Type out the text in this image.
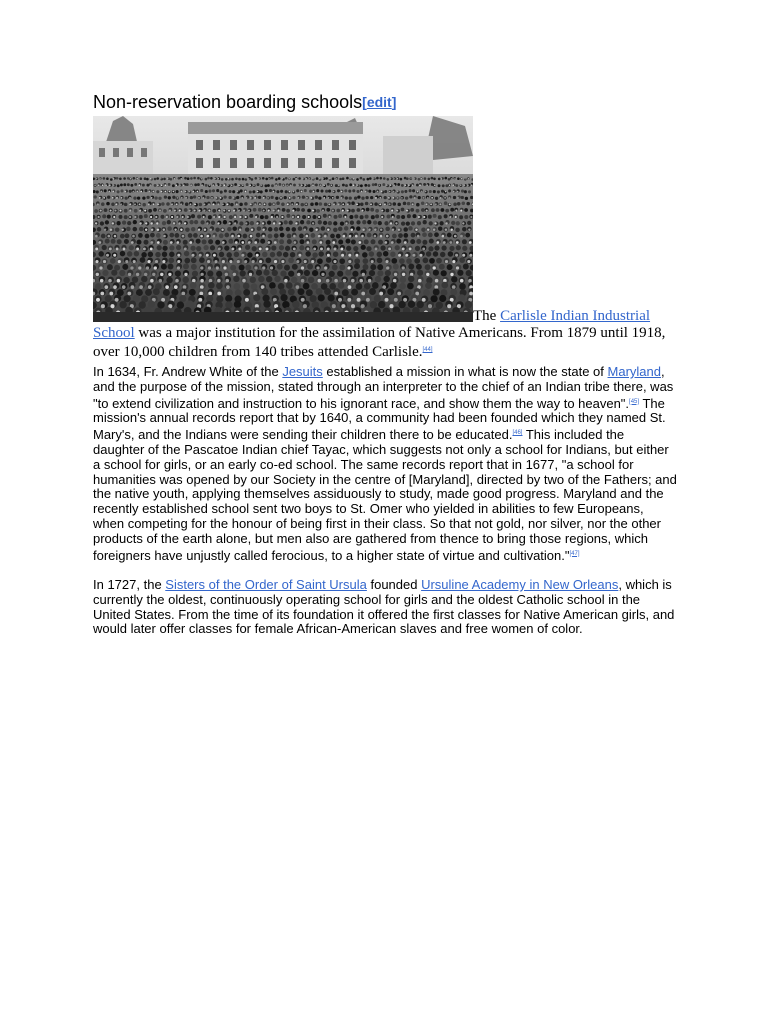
Non-reservation boarding schools[edit]
The Carlisle Indian Industrial School was a major institution for the assimilation of Native Americans. From 1879 until 1918, over 10,000 children from 140 tribes attended Carlisle.[44]

In 1634, Fr. Andrew White of the Jesuits established a mission in what is now the state of Maryland, and the purpose of the mission, stated through an interpreter to the chief of an Indian tribe there, was "to extend civilization and instruction to his ignorant race, and show them the way to heaven".[45] The mission's annual records report that by 1640, a community had been founded which they named St. Mary's, and the Indians were sending their children there to be educated.[46] This included the daughter of the Pascatoe Indian chief Tayac, which suggests not only a school for Indians, but either a school for girls, or an early co-ed school. The same records report that in 1677, "a school for humanities was opened by our Society in the centre of [Maryland], directed by two of the Fathers; and the native youth, applying themselves assiduously to study, made good progress. Maryland and the recently established school sent two boys to St. Omer who yielded in abilities to few Europeans, when competing for the honour of being first in their class. So that not gold, nor silver, nor the other products of the earth alone, but men also are gathered from thence to bring those regions, which foreigners have unjustly called ferocious, to a higher state of virtue and cultivation."[47]

In 1727, the Sisters of the Order of Saint Ursula founded Ursuline Academy in New Orleans, which is currently the oldest, continuously operating school for girls and the oldest Catholic school in the United States. From the time of its foundation it offered the first classes for Native American girls, and would later offer classes for female African-American slaves and free women of color.
